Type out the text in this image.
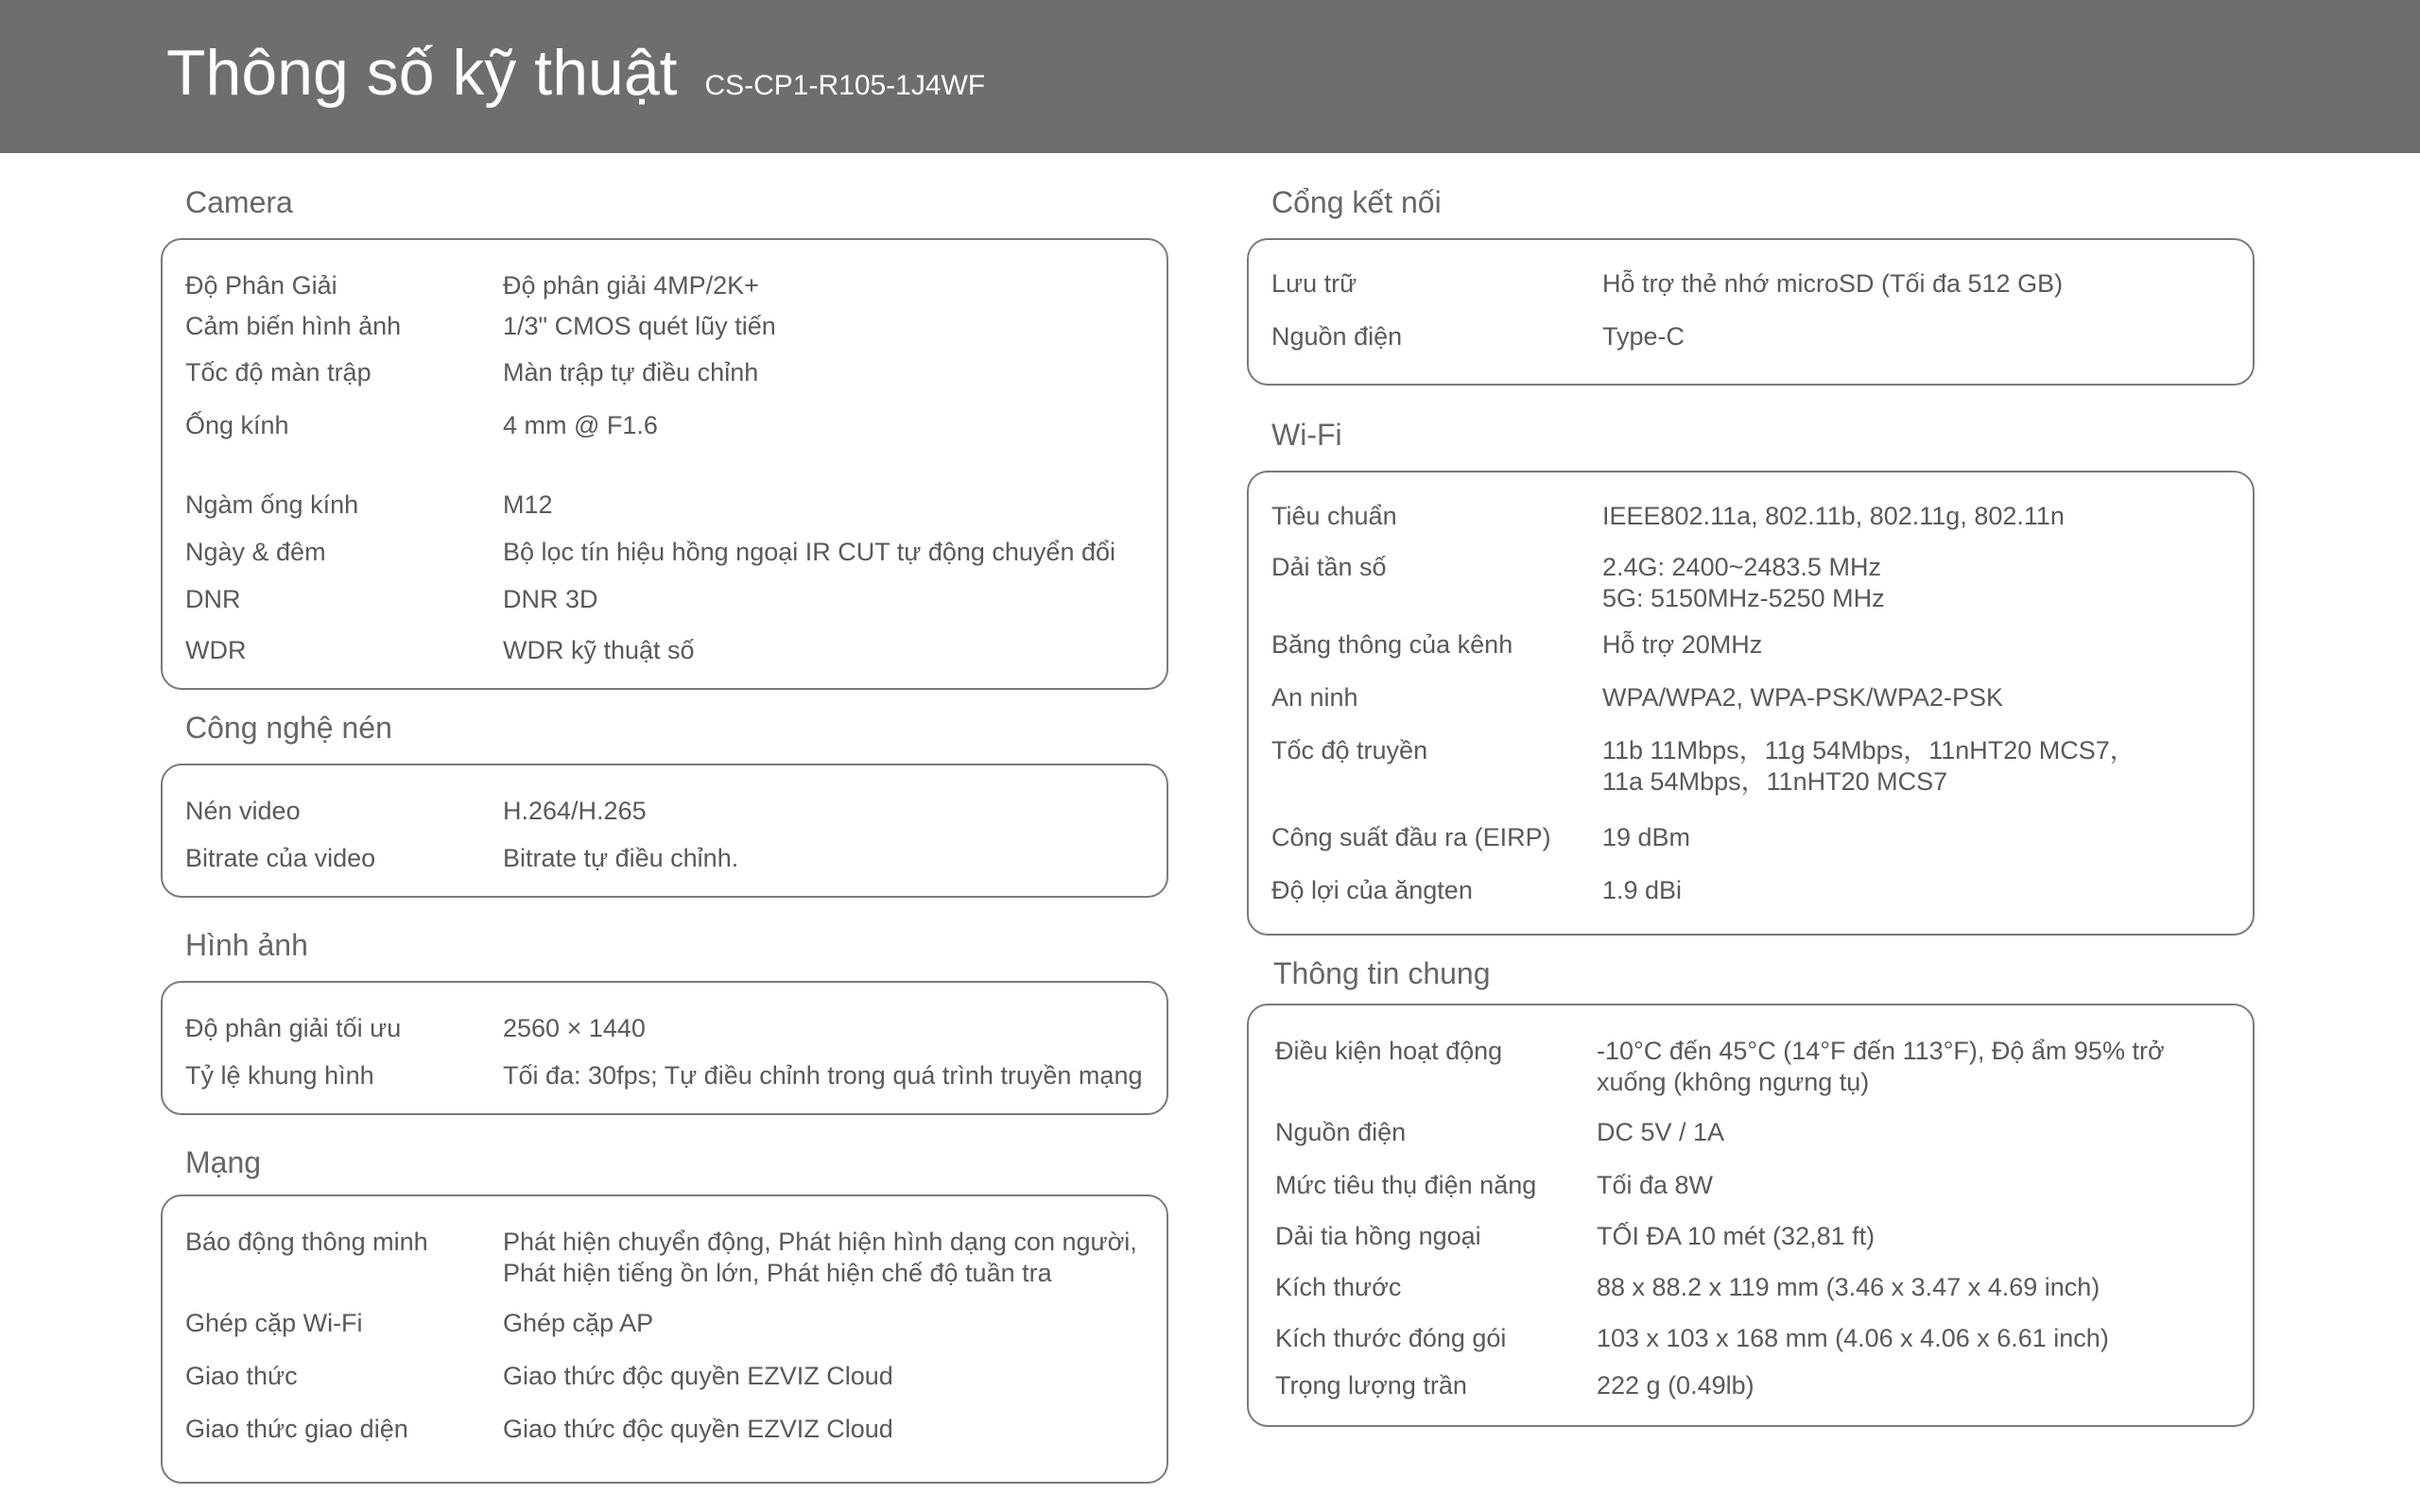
Thông số kỹ thuật CS-CP1-R105-1J4WF
Camera
Độ Phân Giải	Độ phân giải 4MP/2K+
Cảm biến hình ảnh	1/3" CMOS quét lũy tiến
Tốc độ màn trập	Màn trập tự điều chỉnh
Ống kính	4 mm @ F1.6
Ngàm ống kính	M12
Ngày & đêm	Bộ lọc tín hiệu hồng ngoại IR CUT tự động chuyển đổi
DNR	DNR 3D
WDR	WDR kỹ thuật số
Công nghệ nén
Nén video	H.264/H.265
Bitrate của video	Bitrate tự điều chỉnh.
Hình ảnh
Độ phân giải tối ưu	2560 × 1440
Tỷ lệ khung hình	Tối đa: 30fps; Tự điều chỉnh trong quá trình truyền mạng
Mạng
Báo động thông minh	Phát hiện chuyển động, Phát hiện hình dạng con người,
Phát hiện tiếng ồn lớn, Phát hiện chế độ tuần tra
Ghép cặp Wi-Fi	Ghép cặp AP
Giao thức	Giao thức độc quyền EZVIZ Cloud
Giao thức giao diện	Giao thức độc quyền EZVIZ Cloud
Cổng kết nối
Lưu trữ	Hỗ trợ thẻ nhớ microSD (Tối đa 512 GB)
Nguồn điện	Type-C
Wi-Fi
Tiêu chuẩn	IEEE802.11a, 802.11b, 802.11g, 802.11n
Dải tần số	2.4G: 2400~2483.5 MHz
5G: 5150MHz-5250 MHz
Băng thông của kênh	Hỗ trợ 20MHz
An ninh	WPA/WPA2, WPA-PSK/WPA2-PSK
Tốc độ truyền	11b 11Mbps，11g 54Mbps，11nHT20 MCS7，
11a 54Mbps，11nHT20 MCS7
Công suất đầu ra (EIRP) 19 dBm
Độ lợi của ăngten	1.9 dBi
Thông tin chung
Điều kiện hoạt động	-10°C đến 45°C (14°F đến 113°F), Độ ẩm 95% trở
xuống (không ngưng tụ)
Nguồn điện	DC 5V / 1A
Mức tiêu thụ điện năng Tối đa 8W
Dải tia hồng ngoại	TỐI ĐA 10 mét (32,81 ft)
Kích thước	88 x 88.2 x 119 mm (3.46 x 3.47 x 4.69 inch)
Kích thước đóng gói	103 x 103 x 168 mm (4.06 x 4.06 x 6.61 inch)
Trọng lượng trần	222 g (0.49lb)
